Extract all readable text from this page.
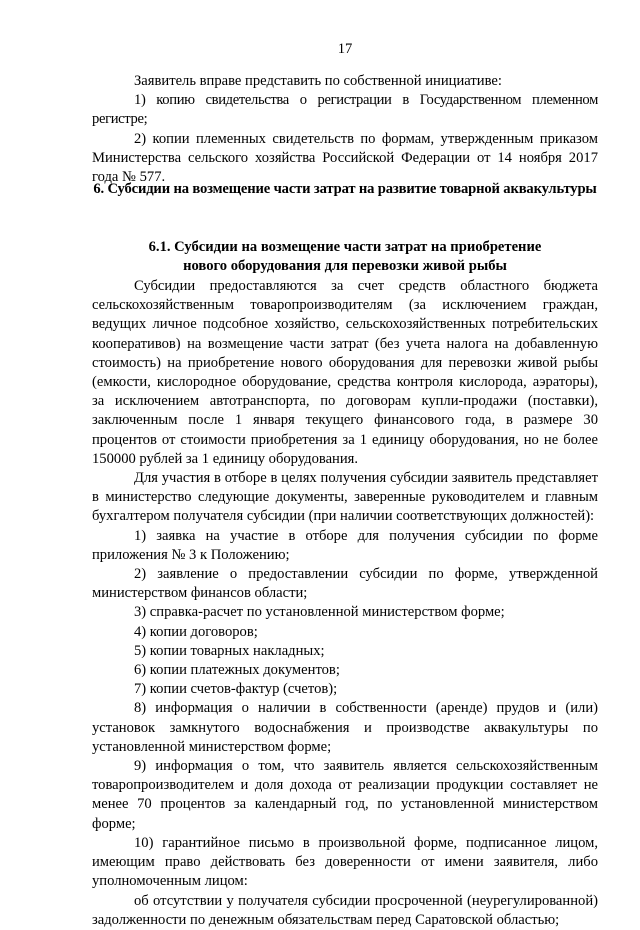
17

Заявитель вправе представить по собственной инициативе:

1) копию свидетельства о регистрации в Государственном племенном регистре;

2) копии племенных свидетельств по формам, утвержденным приказом Министерства сельского хозяйства Российской Федерации от 14 ноября 2017 года № 577.

6. Субсидии на возмещение части затрат на развитие товарной аквакультуры
6.1. Субсидии на возмещение части затрат на приобретение
нового оборудования для перевозки живой рыбы

Субсидии предоставляются за счет средств областного бюджета сельскохозяйственным товаропроизводителям (за исключением граждан, ведущих личное подсобное хозяйство, сельскохозяйственных потребительских кооперативов) на возмещение части затрат (без учета налога на добавленную стоимость) на приобретение нового оборудования для перевозки живой рыбы (емкости, кислородное оборудование, средства контроля кислорода, аэраторы), за исключением автотранспорта, по договорам купли-продажи (поставки), заключенным после 1 января текущего финансового года, в размере 30 процентов от стоимости приобретения за 1 единицу оборудования, но не более 150000 рублей за 1 единицу оборудования.

Для участия в отборе в целях получения субсидии заявитель представляет в министерство следующие документы, заверенные руководителем и главным бухгалтером получателя субсидии (при наличии соответствующих должностей):

1) заявка на участие в отборе для получения субсидии по форме приложения № 3 к Положению;

2) заявление о предоставлении субсидии по форме, утвержденной министерством финансов области;

3) справка-расчет по установленной министерством форме;

4) копии договоров;

5) копии товарных накладных;

6) копии платежных документов;

7) копии счетов-фактур (счетов);

8) информация о наличии в собственности (аренде) прудов и (или) установок замкнутого водоснабжения и производстве аквакультуры по установленной министерством форме;

9) информация о том, что заявитель является сельскохозяйственным товаропроизводителем и доля дохода от реализации продукции составляет не менее 70 процентов за календарный год, по установленной министерством форме;

10) гарантийное письмо в произвольной форме, подписанное лицом, имеющим право действовать без доверенности от имени заявителя, либо уполномоченным лицом:

об отсутствии у получателя субсидии просроченной (неурегулированной) задолженности по денежным обязательствам перед Саратовской областью;
